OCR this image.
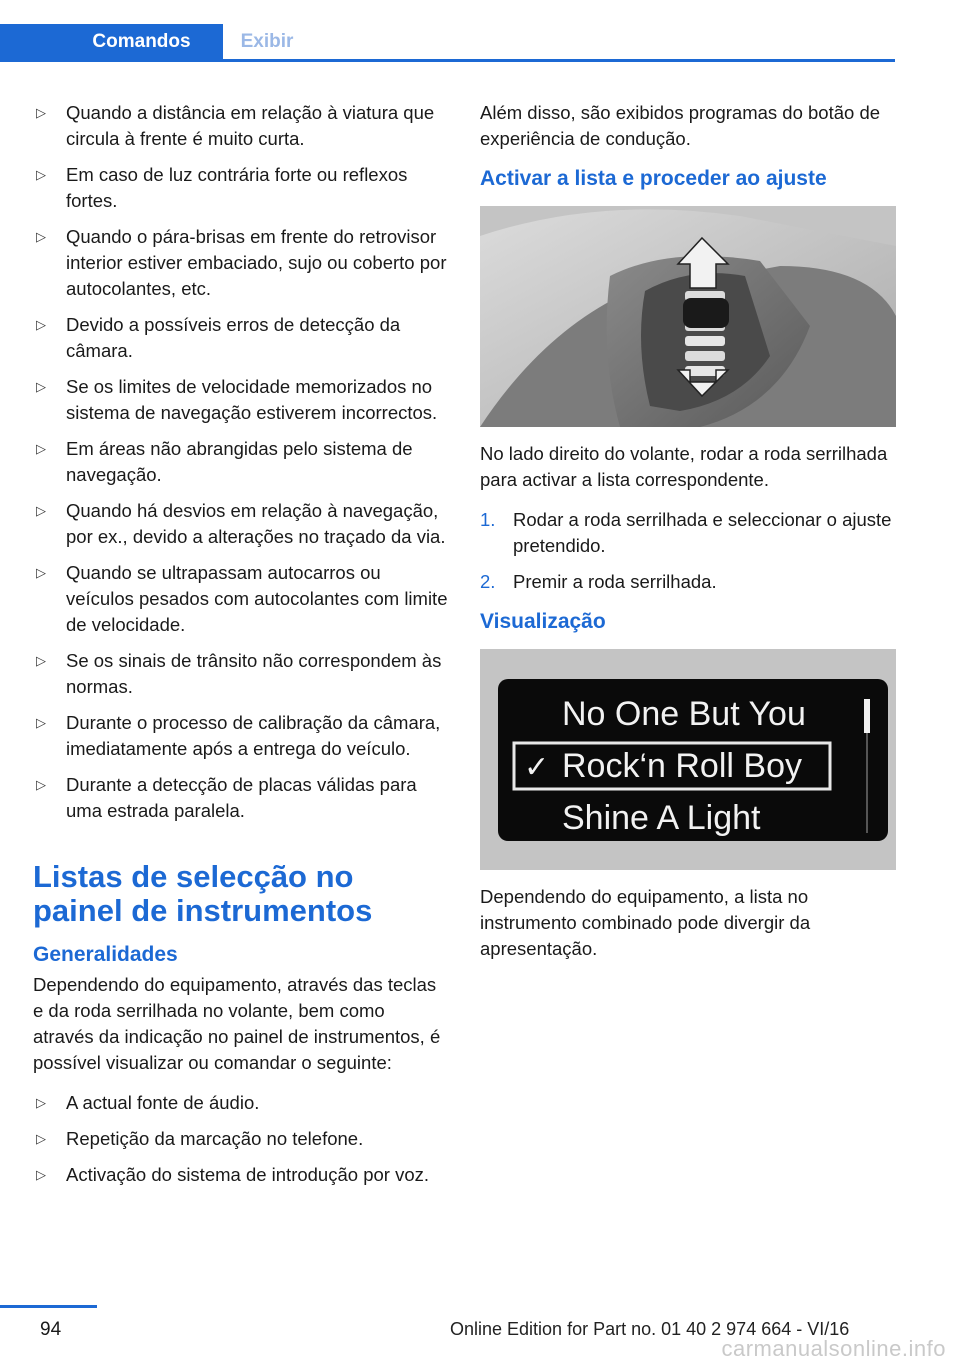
Comandos	Exibir
▷ Quando a distância em relação à viatura que circula à frente é muito curta.
▷ Em caso de luz contrária forte ou reflexos fortes.
▷ Quando o pára-brisas em frente do retrovisor interior estiver embaciado, sujo ou coberto por autocolantes, etc.
▷ Devido a possíveis erros de detecção da câmara.
▷ Se os limites de velocidade memorizados no sistema de navegação estiverem incorrectos.
▷ Em áreas não abrangidas pelo sistema de navegação.
▷ Quando há desvios em relação à navegação, por ex., devido a alterações no traçado da via.
▷ Quando se ultrapassam autocarros ou veículos pesados com autocolantes com limite de velocidade.
▷ Se os sinais de trânsito não correspondem às normas.
▷ Durante o processo de calibração da câmara, imediatamente após a entrega do veículo.
▷ Durante a detecção de placas válidas para uma estrada paralela.
Listas de selecção no painel de instrumentos
Generalidades

Dependendo do equipamento, através das teclas e da roda serrilhada no volante, bem como através da indicação no painel de instrumentos, é possível visualizar ou comandar o seguinte:

▷ A actual fonte de áudio.
▷ Repetição da marcação no telefone.
▷ Activação do sistema de introdução por voz.

Além disso, são exibidos programas do botão de experiência de condução.

Activar a lista e proceder ao ajuste

No lado direito do volante, rodar a roda serrilhada para activar a lista correspondente.

1. Rodar a roda serrilhada e seleccionar o ajuste pretendido.
2. Premir a roda serrilhada.
Visualização
No One But You
✓ Rock‘n Roll Boy
Shine A Light

Dependendo do equipamento, a lista no instrumento combinado pode divergir da apresentação.

94	Online Edition for Part no. 01 40 2 974 664 - VI/16
carmanualsonline.info
